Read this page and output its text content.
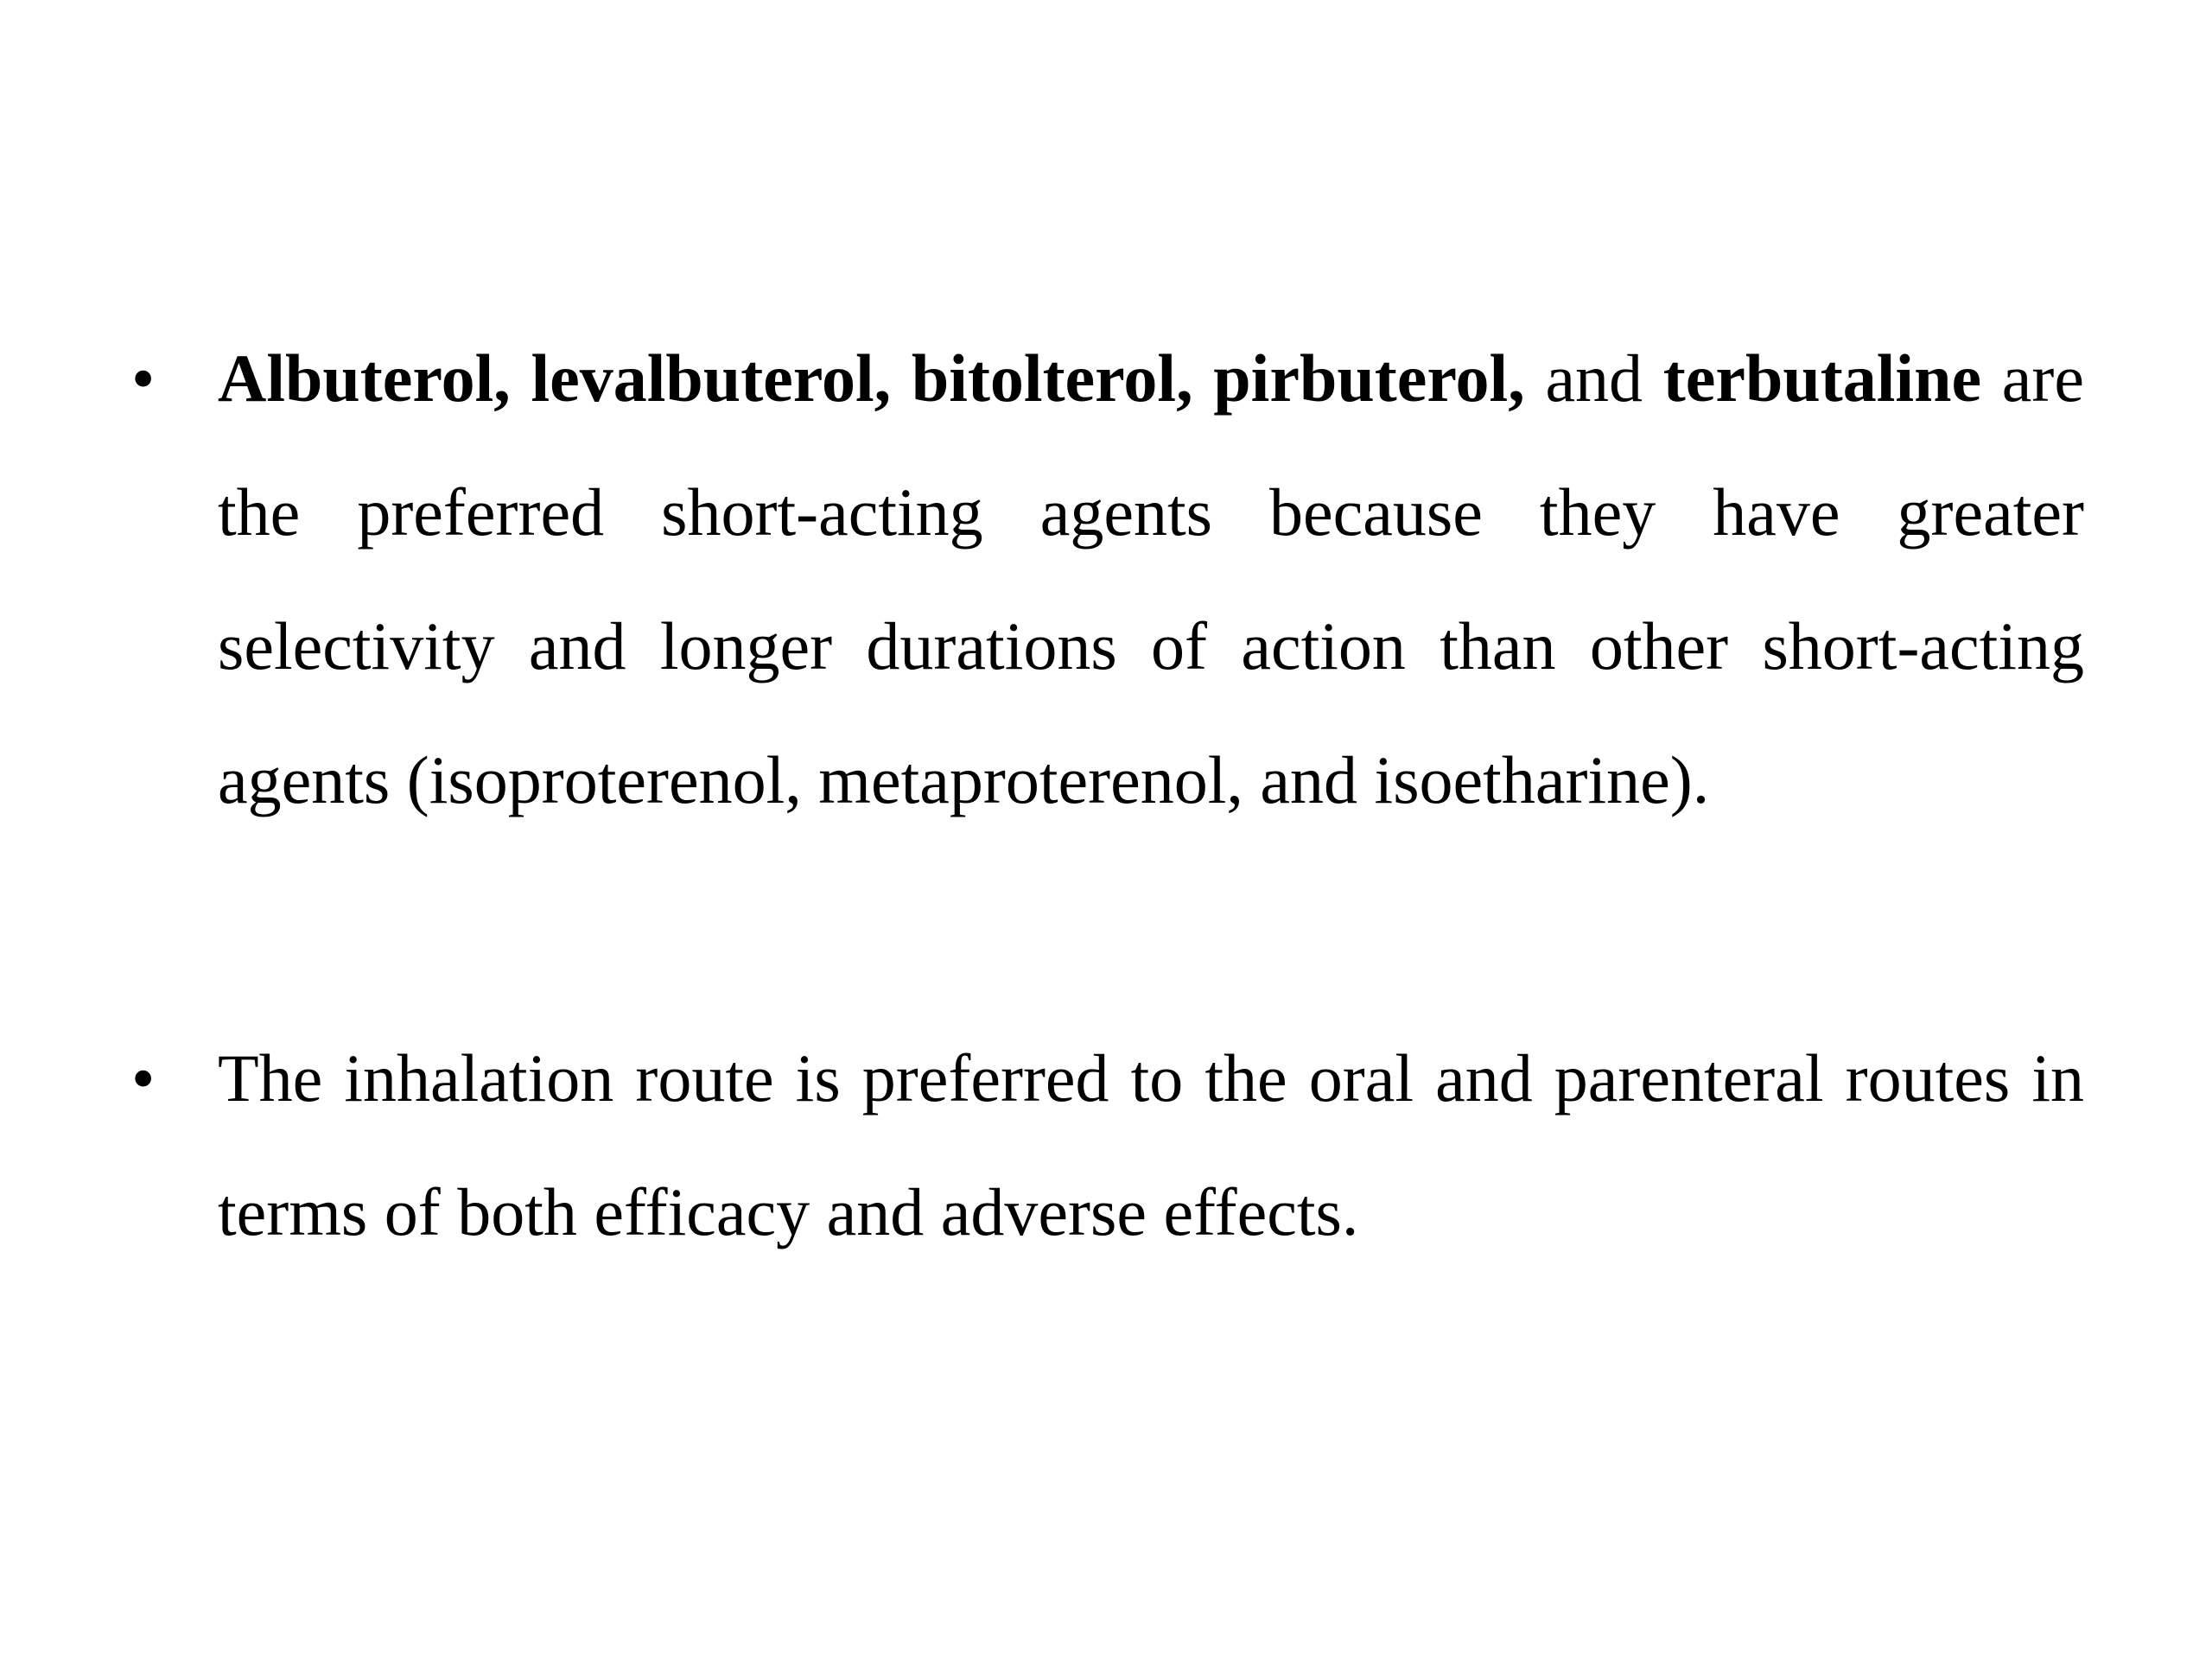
• Albuterol, levalbuterol, bitolterol, pirbuterol, and terbutaline are the preferred short-acting agents because they have greater selectivity and longer durations of action than other short-acting agents (isoproterenol, metaproterenol, and isoetharine).
• The inhalation route is preferred to the oral and parenteral routes in terms of both efficacy and adverse effects.
